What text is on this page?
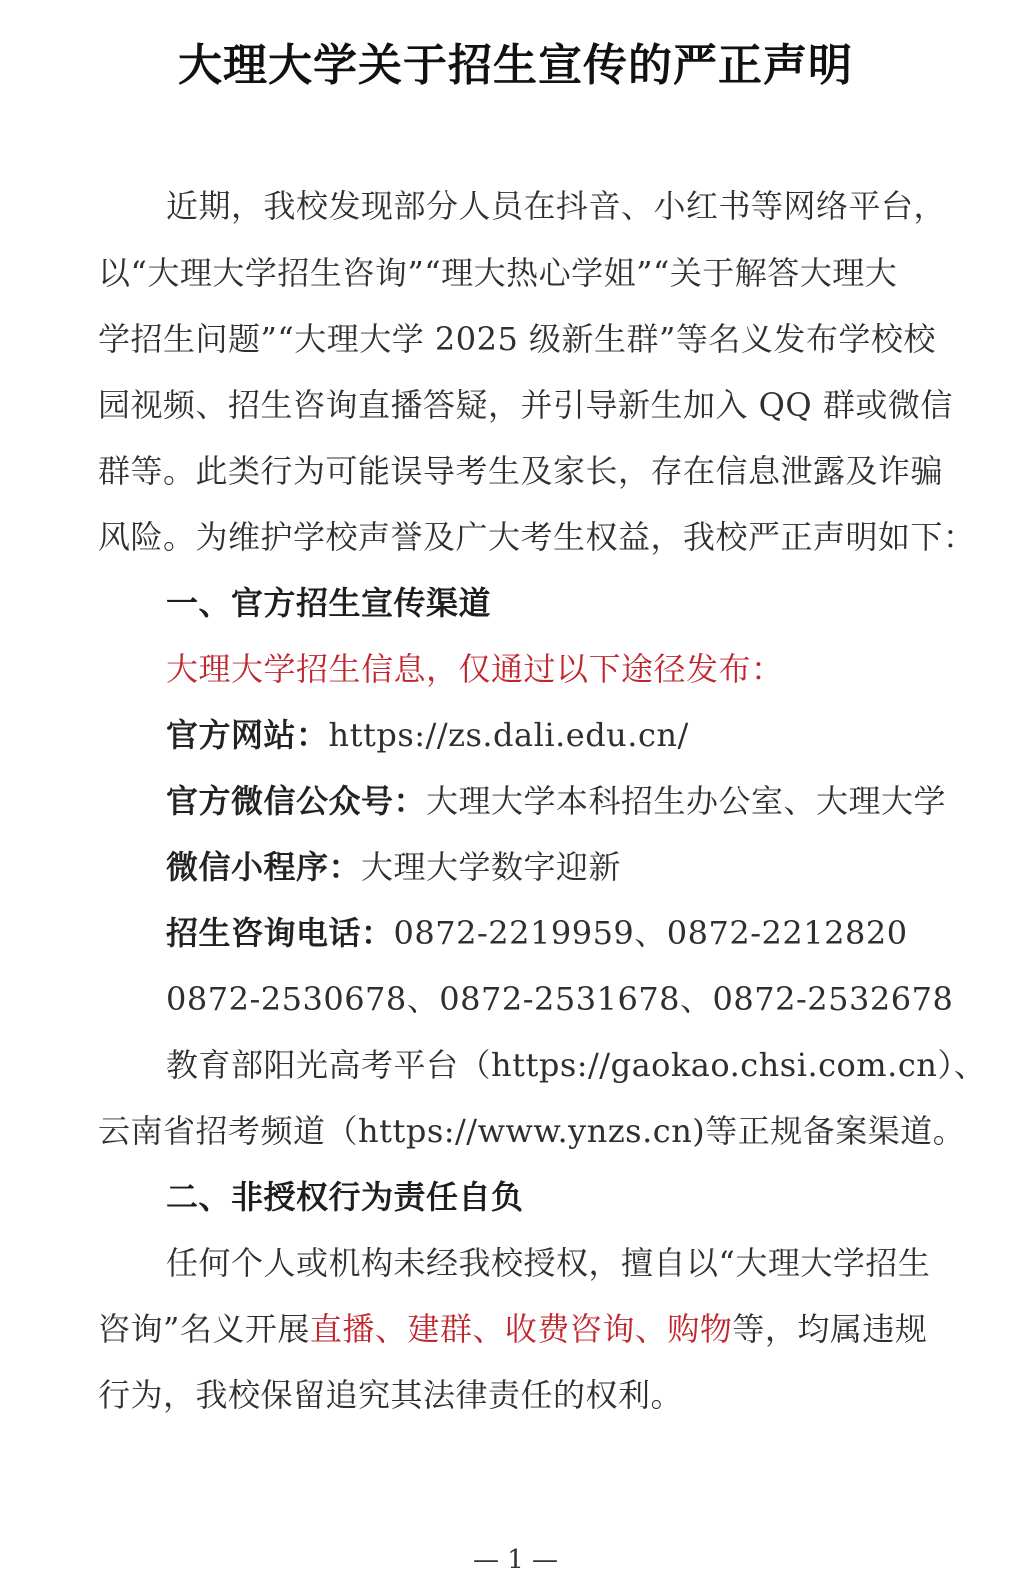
大理大学关于招生宣传的严正声明
近期，我校发现部分人员在抖音、小红书等网络平台，
以“大理大学招生咨询”“理大热心学姐”“关于解答大理大
学招生问题”“大理大学 2025 级新生群”等名义发布学校校
园视频、招生咨询直播答疑，并引导新生加入 QQ 群或微信
群等。此类行为可能误导考生及家长，存在信息泄露及诈骗
风险。为维护学校声誉及广大考生权益，我校严正声明如下：
一、官方招生宣传渠道
大理大学招生信息，仅通过以下途径发布：
官方网站：https://zs.dali.edu.cn/
官方微信公众号：大理大学本科招生办公室、大理大学
微信小程序：大理大学数字迎新
招生咨询电话：0872-2219959、0872-2212820
0872-2530678、0872-2531678、0872-2532678
教育部阳光高考平台（https://gaokao.chsi.com.cn）、
云南省招考频道（https://www.ynzs.cn)等正规备案渠道。
二、非授权行为责任自负
任何个人或机构未经我校授权，擅自以“大理大学招生
咨询”名义开展直播、建群、收费咨询、购物等，均属违规
行为，我校保留追究其法律责任的权利。
— 1 —
